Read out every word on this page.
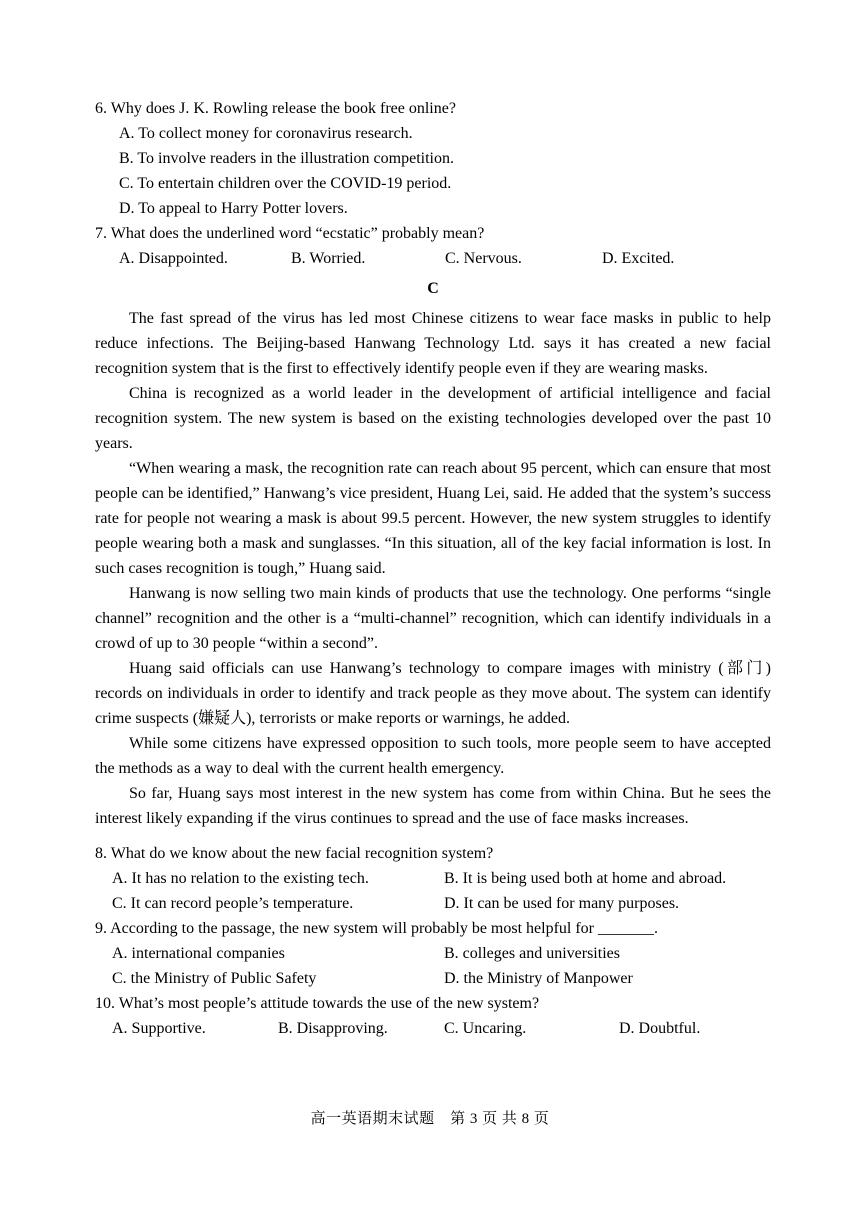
6. Why does J. K. Rowling release the book free online?
A. To collect money for coronavirus research.
B. To involve readers in the illustration competition.
C. To entertain children over the COVID-19 period.
D. To appeal to Harry Potter lovers.
7. What does the underlined word “ecstatic” probably mean?
A. Disappointed.	B. Worried.	C. Nervous.	D. Excited.
C

The fast spread of the virus has led most Chinese citizens to wear face masks in public to help reduce infections. The Beijing-based Hanwang Technology Ltd. says it has created a new facial recognition system that is the first to effectively identify people even if they are wearing masks.

China is recognized as a world leader in the development of artificial intelligence and facial recognition system. The new system is based on the existing technologies developed over the past 10 years.

“When wearing a mask, the recognition rate can reach about 95 percent, which can ensure that most people can be identified,” Hanwang’s vice president, Huang Lei, said. He added that the system’s success rate for people not wearing a mask is about 99.5 percent. However, the new system struggles to identify people wearing both a mask and sunglasses. “In this situation, all of the key facial information is lost. In such cases recognition is tough,” Huang said.

Hanwang is now selling two main kinds of products that use the technology. One performs “single channel” recognition and the other is a “multi-channel” recognition, which can identify individuals in a crowd of up to 30 people “within a second”.

Huang said officials can use Hanwang’s technology to compare images with ministry (部门) records on individuals in order to identify and track people as they move about. The system can identify crime suspects (嫌疑人), terrorists or make reports or warnings, he added.

While some citizens have expressed opposition to such tools, more people seem to have accepted the methods as a way to deal with the current health emergency.

So far, Huang says most interest in the new system has come from within China. But he sees the interest likely expanding if the virus continues to spread and the use of face masks increases.

8. What do we know about the new facial recognition system?
A. It has no relation to the existing tech.	B. It is being used both at home and abroad.
C. It can record people’s temperature.	D. It can be used for many purposes.
9. According to the passage, the new system will probably be most helpful for _______.
A. international companies	B. colleges and universities
C. the Ministry of Public Safety	D. the Ministry of Manpower
10. What’s most people’s attitude towards the use of the new system?
A. Supportive.	B. Disapproving.	C. Uncaring.	D. Doubtful.
高一英语期末试题　第 3 页 共 8 页
